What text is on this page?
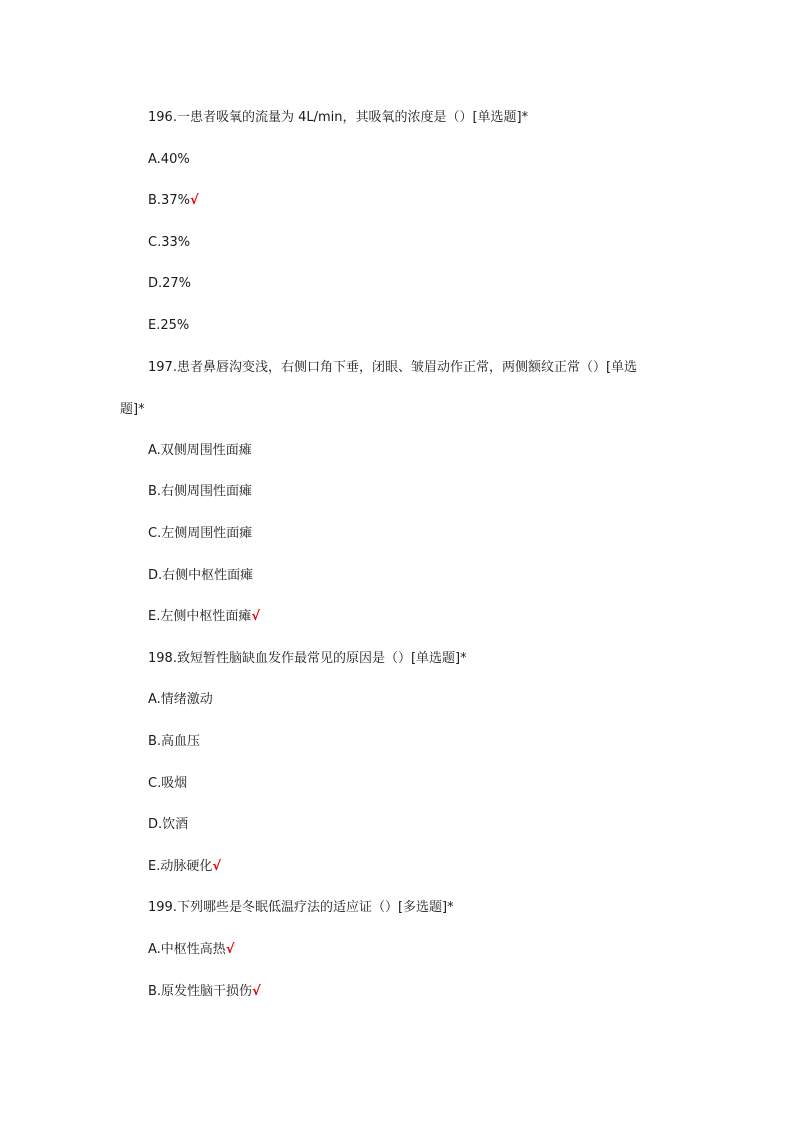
196.一患者吸氧的流量为 4L/min，其吸氧的浓度是（）[单选题]*
A.40%
B.37%√
C.33%
D.27%
E.25%
197.患者鼻唇沟变浅，右侧口角下垂，闭眼、皱眉动作正常，两侧额纹正常（）[单选
题]*
A.双侧周围性面瘫
B.右侧周围性面瘫
C.左侧周围性面瘫
D.右侧中枢性面瘫
E.左侧中枢性面瘫√
198.致短暂性脑缺血发作最常见的原因是（）[单选题]*
A.情绪激动
B.高血压
C.吸烟
D.饮酒
E.动脉硬化√
199.下列哪些是冬眠低温疗法的适应证（）[多选题]*
A.中枢性高热√
B.原发性脑干损伤√
